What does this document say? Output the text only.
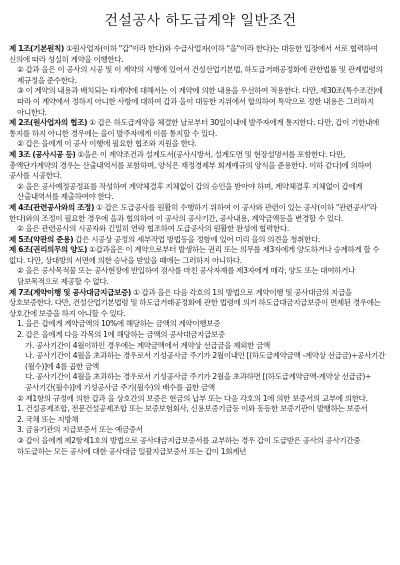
건설공사 하도급계약 일반조건

제 1조(기본원칙) ①원사업자(이하 "갑"이라 한다)와 수급사업자(이하 "을"이라 한다)는 대등한 입장에서 서로 협력하여 신의에 따라 성실히 계약을 이행한다.

② 갑과 을은 이 공사의 시공 및 이 계약의 시행에 있어서 건설산업기본법, 하도급거래공정화에 관한법률 및 관계법령의 제규정을 준수한다.

③ 이 계약의 내용과 배치되는 타계약에 대해서는 이 계약에 의한 내용을 우선하여 적용한다. 다만, 제30조(특수조건)에 따라 이 계약에서 정하지 아니한 사항에 대하여 갑과 을이 대등한 지위에서 합의하여 특약으로 정한 내용은 그러하지 아니한다.

제 2조(원사업자의 협조) ① 갑은 하도급계약을 체결한 날로부터 30일이내에 발주자에게 통지한다. 다만, 갑이 기한내에 통지를 하지 아니한 경우에는 을이 발주자에게 이를 통지할 수 있다.

② 갑은 을에게 이 공사 이행에 필요한 협조와 지원을 한다.

제 3조 (공사시공 등) ①을은 이 계약조건과 설계도서(공사시방서, 설계도면 및 현장설명서를 포함한다. 다만, 총액단가계약의 경우는 산출내역서를 포함하며, 양식은 재정경제부 회계예규의 양식을 준용한다. 이하 같다)에 의하여 공사를 시공한다.

② 을은 공사예정공정표를 작성하여 계약체결후 지체없이 갑의 승인을 받아야 하며, 계약체결후 지체없이 갑에게 산출내역서를 제출하여야 한다.

제 4조(관련공사와의 조정) ① 갑은 도급공사를 원활히 수행하기 위하여 이 공사와 관련이 있는 공사(이하 "관련공사"라 한다)와의 조정이 필요한 경우에 을과 협의하여 이 공사의 공사기간, 공사내용, 계약금액등을 변경할 수 있다.

② 을은 관련공사의 시공자와 긴밀히 연락 협조하여 도급공사의 원활한 완성에 협력한다.

제 5조(약관의 준용) 갑은 시공상 공정의 세부작업 방법등을 정함에 있어 미리 을의 의견을 청취한다.

제 6조(권리의무의 양도) ①갑과을은 이 계약으로부터 발생하는 권리 또는 의무를 제3자에게 양도하거나 승계하게 할 수 없다. 다만, 상대방의 서면에 의한 승낙을 받았을 때에는 그러하지 아니하다.

② 을은 공사목적물 또는 공사현장에 반입하여 검사를 마친 공사자재를 제3자에게 매각, 양도 또는 대여하거나 담보목적으로 제공할 수 없다.

제 7조(계약이행 및 공사대금지급보증) ① 갑과 을은 다음 각호의 1의 방법으로 계약이행 및 공사대금의 지급을 상호보증한다. 다만, 건설산업기본법령 및 하도급거래공정화에 관한 법령에 의거 하도급대금지급보증이 면제된 경우에는 상호간에 보증을 하지 아니할 수 있다.

1. 을은 갑에게 계약금액의 10%에 해당하는 금액의 계약이행보증

2. 갑은 을에게 다음 각목의 1에 해당하는 금액의 공사대금지급보증

가. 공사기간이 4월이하인 경우에는 계약금액에서 계약상 선급금을 제외한 금액

나. 공사기간이 4월을 초과하는 경우로서 기성공사금 주기가 2월이내인 [(하도급계약금액 -계약상 선급금)÷공사기간(월수)]에 4를 곱한 금액

다. 공사기간이 4월을 초과하는 경우로서 기성공사금 주기가 2월을 초과하면 [(하도급계약금액-계약상 선급금)÷공사기간(월수)]에 기성공사금 주기(월수)의 배수를 곱한 금액

② 제1항의 규정에 의한 갑과 을 상호간의 보증은 현금의 납부 또는 다음 각호의 1에 의한 보증서의 교부에 의한다.

1. 건설공제조합, 전문건설공제조합 또는 보증보험회사, 신용보증기금등 이와 동등한 보증기관이 발행하는 보증서

2. 국채 또는 지방채

3. 금융기관의 지급보증서 또는 예금증서

③ 갑이 을에게 제2항제1호의 방법으로 공사대금지급보증서를 교부하는 경우 갑이 도급받은 공사의 공사기간중 하도급하는 모든 공사에 대한 공사대금 일괄지급보증서 또는 갑이 1회계년
